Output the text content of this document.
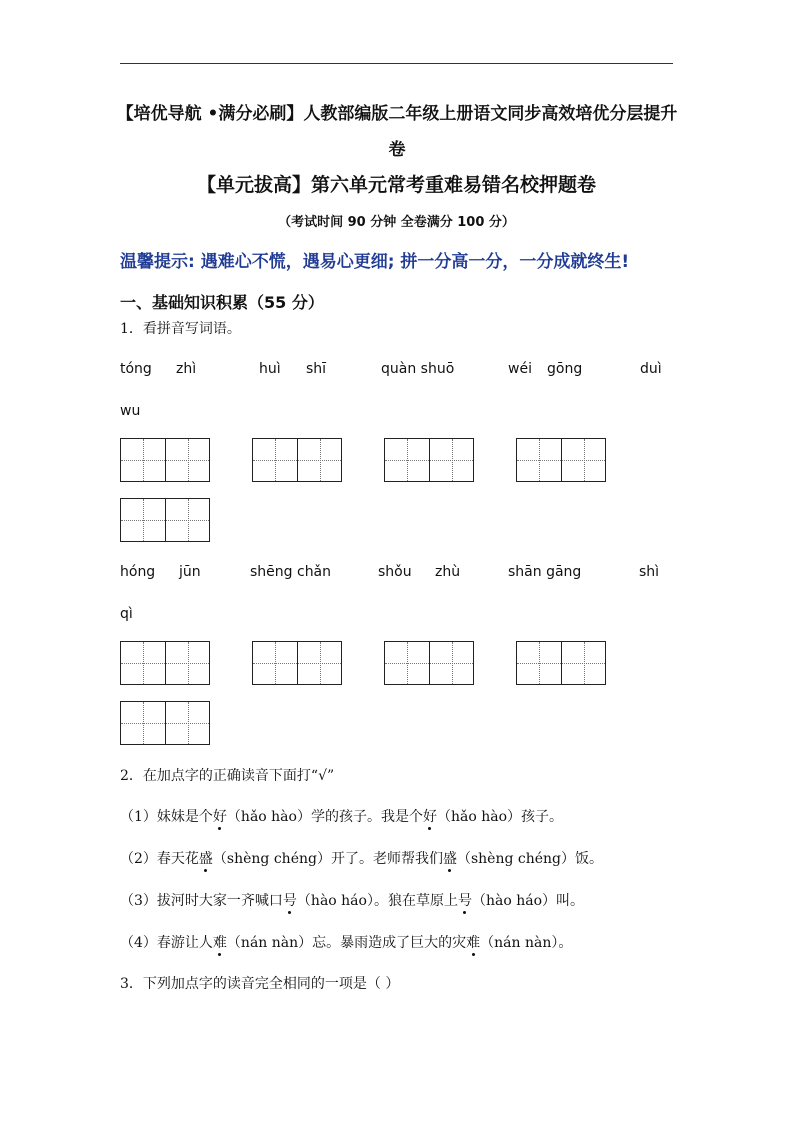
【培优导航 •满分必刷】人教部编版二年级上册语文同步高效培优分层提升卷
【单元拔高】第六单元常考重难易错名校押题卷
（考试时间 90 分钟 全卷满分 100 分）
温馨提示: 遇难心不慌，遇易心更细; 拼一分高一分，一分成就终生!
一、基础知识积累（55 分）
1．看拼音写词语。
tóng zhì	huì shī	quàn shuō	wéi gōng	duì
wu
hóng jūn	shēng chǎn	shǒu zhù	shān gāng	shì
qì
2．在加点字的正确读音下面打“√”
（1）妹妹是个好（hǎo hào）学的孩子。我是个好（hǎo hào）孩子。
（2）春天花盛（shèng chéng）开了。老师帮我们盛（shèng chéng）饭。
（3）拔河时大家一齐喊口号（hào háo）。狼在草原上号（hào háo）叫。
（4）春游让人难（nán nàn）忘。暴雨造成了巨大的灾难（nán nàn）。
3．下列加点字的读音完全相同的一项是（ ）
